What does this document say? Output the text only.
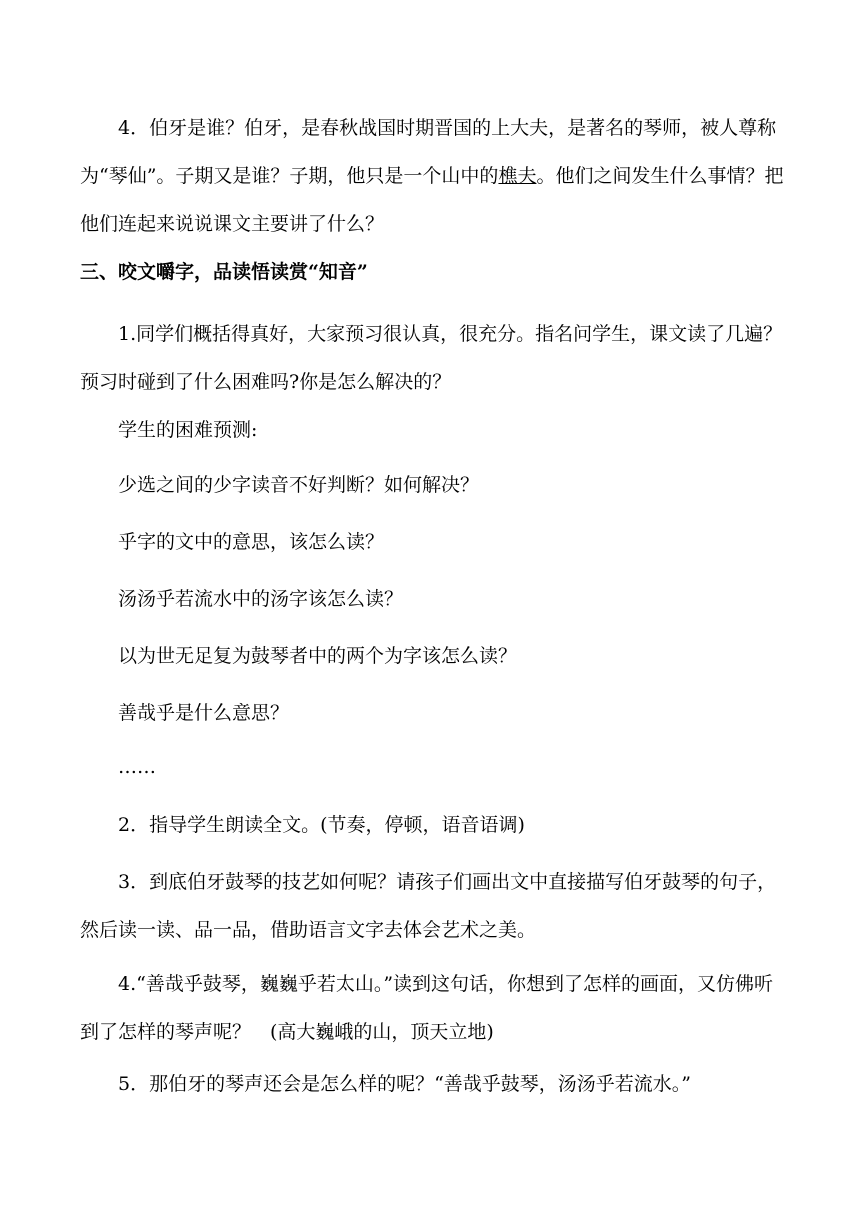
4．伯牙是谁？伯牙，是春秋战国时期晋国的上大夫，是著名的琴师，被人尊称为“琴仙”。子期又是谁？子期，他只是一个山中的樵夫。他们之间发生什么事情？把他们连起来说说课文主要讲了什么？

三、咬文嚼字，品读悟读赏“知音”

1.同学们概括得真好，大家预习很认真，很充分。指名问学生，课文读了几遍？预习时碰到了什么困难吗?你是怎么解决的？

学生的困难预测:

少选之间的少字读音不好判断？如何解决？

乎字的文中的意思，该怎么读？

汤汤乎若流水中的汤字该怎么读？

以为世无足复为鼓琴者中的两个为字该怎么读？

善哉乎是什么意思？

……

2．指导学生朗读全文。(节奏，停顿，语音语调)

3．到底伯牙鼓琴的技艺如何呢？请孩子们画出文中直接描写伯牙鼓琴的句子，然后读一读、品一品，借助语言文字去体会艺术之美。

4.“善哉乎鼓琴，巍巍乎若太山。”读到这句话，你想到了怎样的画面，又仿佛听到了怎样的琴声呢？　(高大巍峨的山，顶天立地)

5．那伯牙的琴声还会是怎么样的呢？“善哉乎鼓琴，汤汤乎若流水。”
